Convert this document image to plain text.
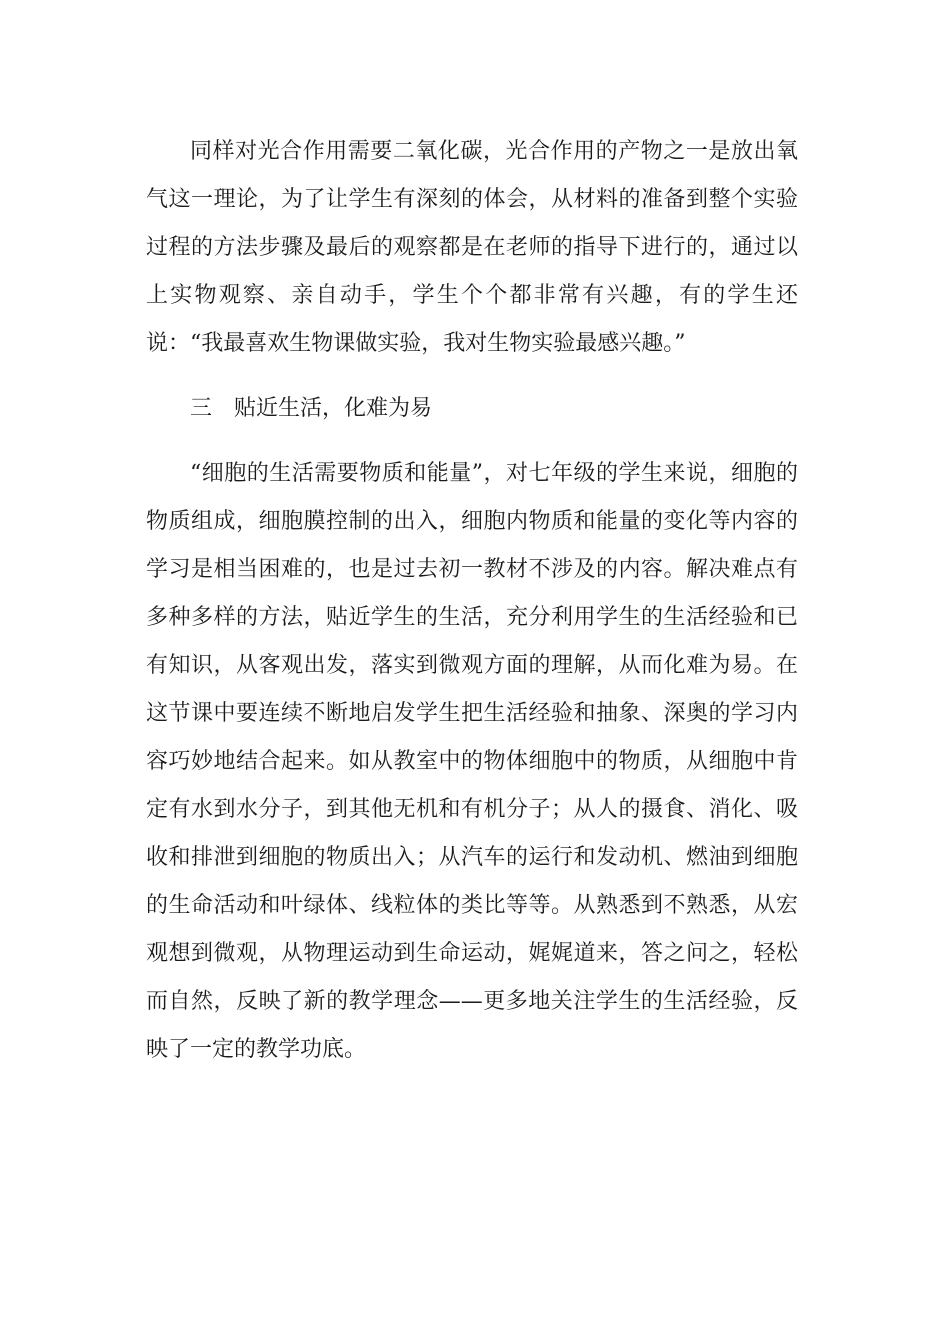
同样对光合作用需要二氧化碳，光合作用的产物之一是放出氧气这一理论，为了让学生有深刻的体会，从材料的准备到整个实验过程的方法步骤及最后的观察都是在老师的指导下进行的，通过以上实物观察、亲自动手，学生个个都非常有兴趣，有的学生还说：“我最喜欢生物课做实验，我对生物实验最感兴趣。”

三 贴近生活，化难为易

“细胞的生活需要物质和能量”，对七年级的学生来说，细胞的物质组成，细胞膜控制的出入，细胞内物质和能量的变化等内容的学习是相当困难的，也是过去初一教材不涉及的内容。解决难点有多种多样的方法，贴近学生的生活，充分利用学生的生活经验和已有知识，从客观出发，落实到微观方面的理解，从而化难为易。在这节课中要连续不断地启发学生把生活经验和抽象、深奥的学习内容巧妙地结合起来。如从教室中的物体细胞中的物质，从细胞中肯定有水到水分子，到其他无机和有机分子；从人的摄食、消化、吸收和排泄到细胞的物质出入；从汽车的运行和发动机、燃油到细胞的生命活动和叶绿体、线粒体的类比等等。从熟悉到不熟悉，从宏观想到微观，从物理运动到生命运动，娓娓道来，答之问之，轻松而自然，反映了新的教学理念——更多地关注学生的生活经验，反映了一定的教学功底。
